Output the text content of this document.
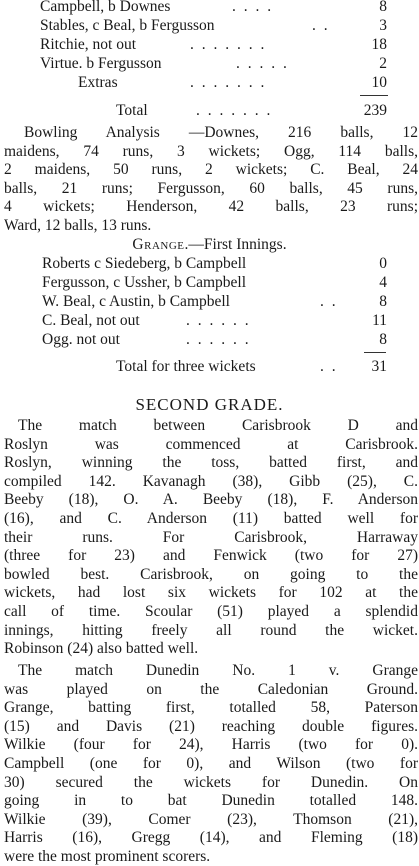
Campbell, b Downes	. . . .	8
Stables, c Beal, b Fergusson	. .	3
Ritchie, not out	. . . . . . .	18
Virtue. b Fergusson	. . . . .	2
Extras	. . . . . . .	10
Total	. . . . . . .	239
Bowling Analysis —Downes, 216 balls, 12
maidens, 74 runs, 3 wickets; Ogg, 114 balls,
2 maidens, 50 runs, 2 wickets; C. Beal, 24
balls, 21 runs; Fergusson, 60 balls, 45 runs,
4 wickets; Henderson, 42 balls, 23 runs;
Ward, 12 balls, 13 runs.
Grange.—First Innings.
Roberts c Siedeberg, b Campbell	0
Fergusson, c Ussher, b Campbell	4
W. Beal, c Austin, b Campbell	. .	8
C. Beal, not out	. . . . . .	11
Ogg. not out	. . . . . .	8
Total for three wickets	. . 31
SECOND GRADE.
The match between Carisbrook D and
Roslyn was commenced at Carisbrook.
Roslyn, winning the toss, batted first, and
compiled 142. Kavanagh (38), Gibb (25), C.
Beeby (18), O. A. Beeby (18), F. Anderson
(16), and C. Anderson (11) batted well for
their runs. For Carisbrook, Harraway
(three for 23) and Fenwick (two for 27)
bowled best. Carisbrook, on going to the
wickets, had lost six wickets for 102 at the
call of time. Scoular (51) played a splendid
innings, hitting freely all round the wicket.
Robinson (24) also batted well.
The match Dunedin No. 1 v. Grange
was played on the Caledonian Ground.
Grange, batting first, totalled 58, Paterson
(15) and Davis (21) reaching double figures.
Wilkie (four for 24), Harris (two for 0).
Campbell (one for 0), and Wilson (two for
30) secured the wickets for Dunedin. On
going in to bat Dunedin totalled 148.
Wilkie (39), Comer (23), Thomson (21),
Harris (16), Gregg (14), and Fleming (18)
were the most prominent scorers.
